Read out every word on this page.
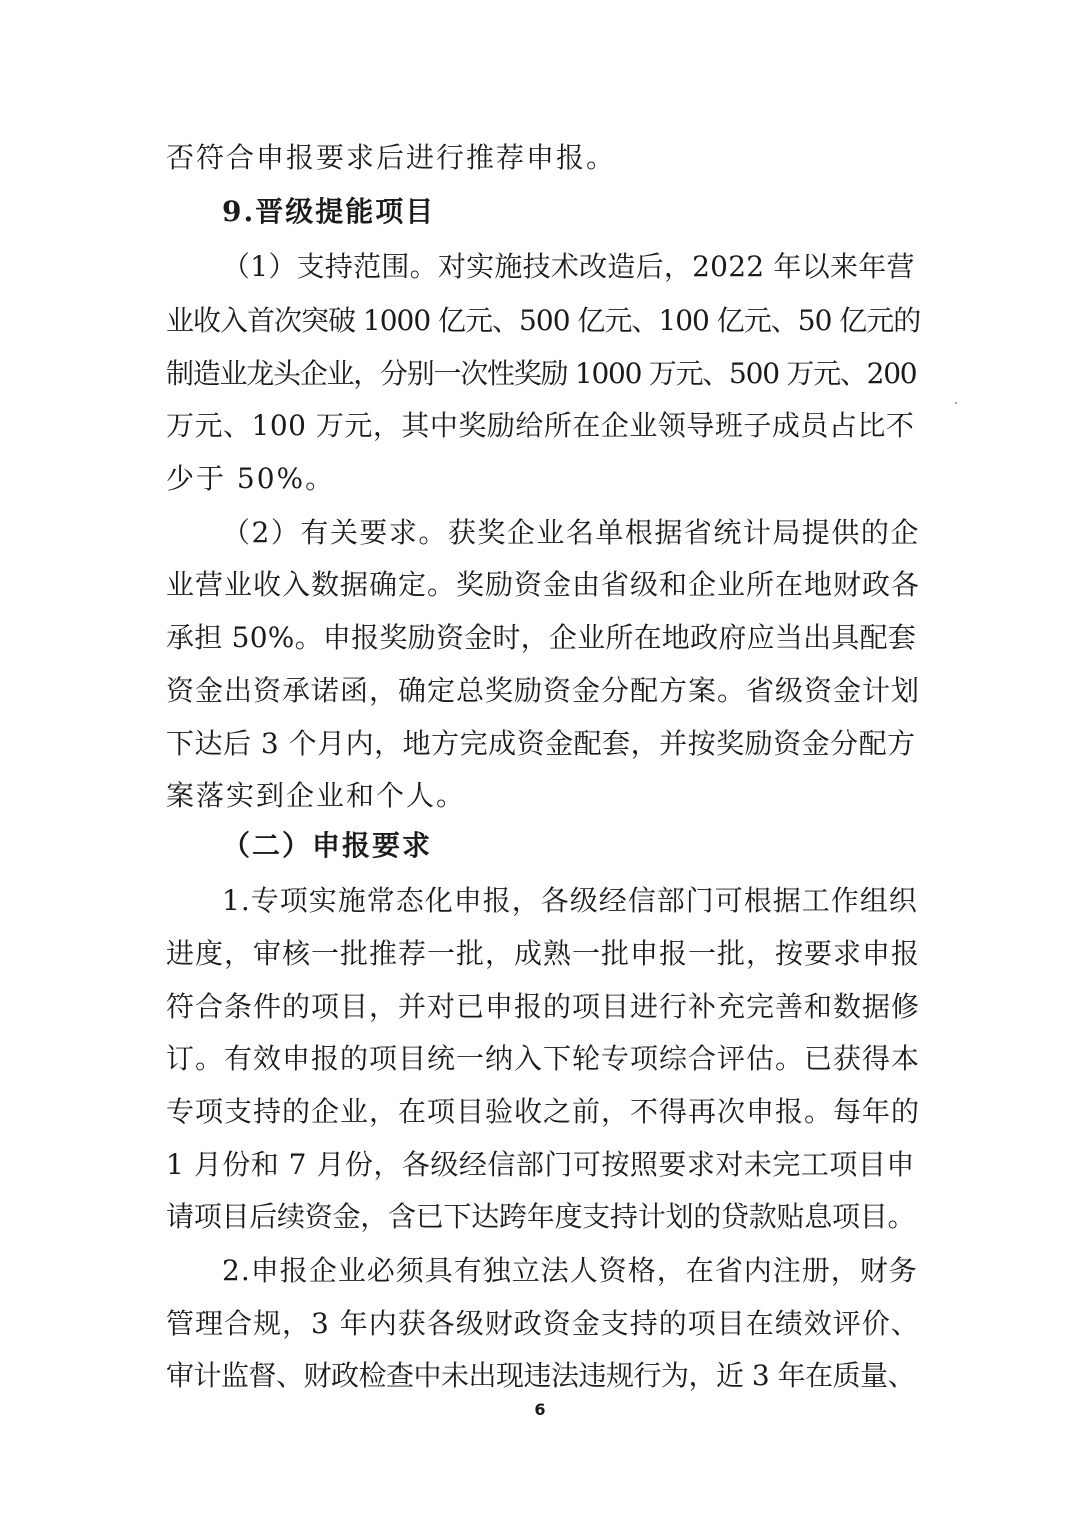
否符合申报要求后进行推荐申报。
9.晋级提能项目
（1）支持范围。对实施技术改造后，2022 年以来年营
业收入首次突破 1000 亿元、500 亿元、100 亿元、50 亿元的
制造业龙头企业，分别一次性奖励 1000 万元、500 万元、200
万元、100 万元，其中奖励给所在企业领导班子成员占比不
少于 50%。
（2）有关要求。获奖企业名单根据省统计局提供的企
业营业收入数据确定。奖励资金由省级和企业所在地财政各
承担 50%。申报奖励资金时，企业所在地政府应当出具配套
资金出资承诺函，确定总奖励资金分配方案。省级资金计划
下达后 3 个月内，地方完成资金配套，并按奖励资金分配方
案落实到企业和个人。
（二）申报要求
1.专项实施常态化申报，各级经信部门可根据工作组织
进度，审核一批推荐一批，成熟一批申报一批，按要求申报
符合条件的项目，并对已申报的项目进行补充完善和数据修
订。有效申报的项目统一纳入下轮专项综合评估。已获得本
专项支持的企业，在项目验收之前，不得再次申报。每年的
1 月份和 7 月份，各级经信部门可按照要求对未完工项目申
请项目后续资金，含已下达跨年度支持计划的贷款贴息项目。
2.申报企业必须具有独立法人资格，在省内注册，财务
管理合规，3 年内获各级财政资金支持的项目在绩效评价、
审计监督、财政检查中未出现违法违规行为，近 3 年在质量、
6
